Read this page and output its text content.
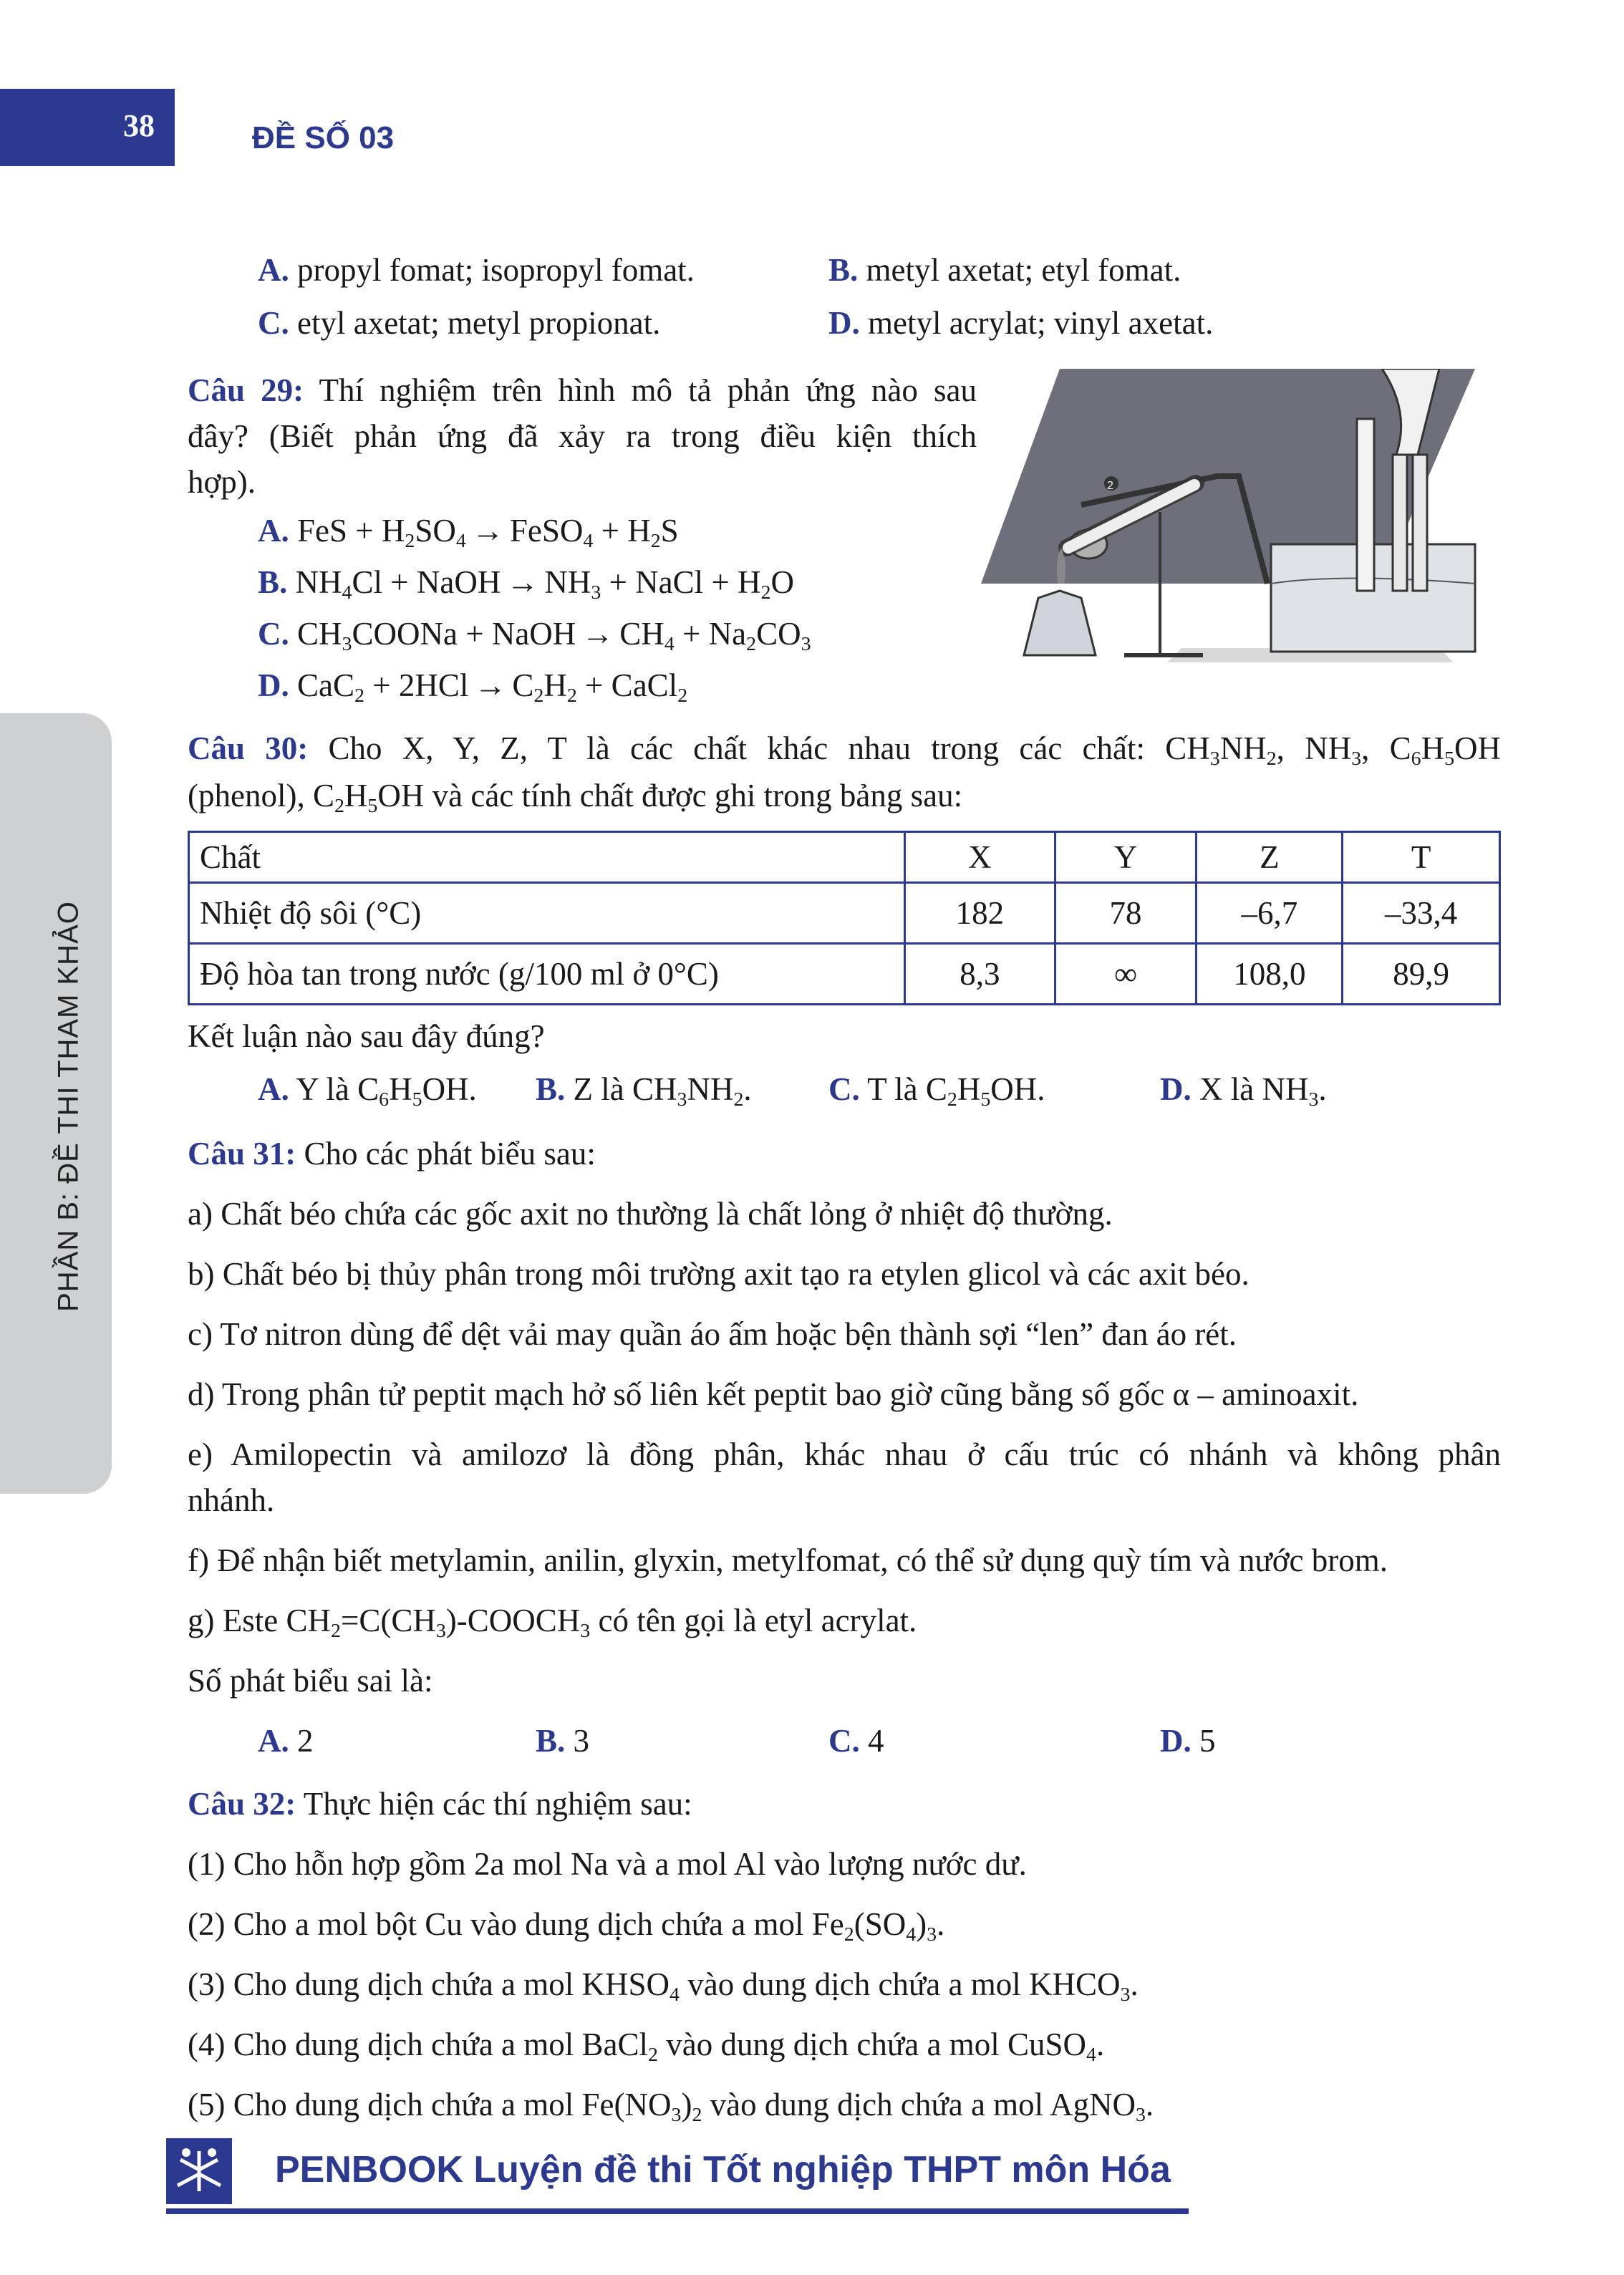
38	ĐỀ SỐ 03
PHẦN B: ĐỀ THI THAM KHẢO
A. propyl fomat; isopropyl fomat.	B. metyl axetat; etyl fomat.
C. etyl axetat; metyl propionat.	D. metyl acrylat; vinyl axetat.
Câu 29: Thí nghiệm trên hình mô tả phản ứng nào sau
đây? (Biết phản ứng đã xảy ra trong điều kiện thích
hợp).
A. FeS + $H_2SO_4$ → FeSO$_4$ + $H_2S$
B. $NH_4Cl$ + NaOH → $NH_3$ + NaCl + $H_2O$
C. $CH_3COONa$ + NaOH → $CH_4 + Na_2CO_3$
D. $CaC_2 + 2HCl \to C_2H_2$ + CaCl$_2$
2
Câu 30: Cho X, Y, Z, T là các chất khác nhau trong các chất: $CH_3NH_2$, $NH_3$, $C_6H_5OH$
(phenol), $C_2H_5OH$ và các tính chất được ghi trong bảng sau:
Chất	X	Y	Z	T
Nhiệt độ sôi (°C)	182	78	–6,7	–33,4
Độ hòa tan trong nước (g/100 ml ở 0°C)	8,3	∞	108,0	89,9
Kết luận nào sau đây đúng?
A. Y là $C_6H_5OH$. B. Z là $CH_3NH_2$. C. T là $C_2H_5OH$.	D. X là $NH_3$.
Câu 31: Cho các phát biểu sau:
a) Chất béo chứa các gốc axit no thường là chất lỏng ở nhiệt độ thường.
b) Chất béo bị thủy phân trong môi trường axit tạo ra etylen glicol và các axit béo.
c) Tơ nitron dùng để dệt vải may quần áo ấm hoặc bện thành sợi “len” đan áo rét.
d) Trong phân tử peptit mạch hở số liên kết peptit bao giờ cũng bằng số gốc α – aminoaxit.
e) Amilopectin và amilozơ là đồng phân, khác nhau ở cấu trúc có nhánh và không phân
nhánh.
f) Để nhận biết metylamin, anilin, glyxin, metylfomat, có thể sử dụng quỳ tím và nước brom.
g) Este $CH_2=C(CH_3)-COOCH_3$ có tên gọi là etyl acrylat.
Số phát biểu sai là:
A. 2	B. 3	C. 4	D. 5
Câu 32: Thực hiện các thí nghiệm sau:
(1) Cho hỗn hợp gồm 2a mol Na và a mol Al vào lượng nước dư.
(2) Cho a mol bột Cu vào dung dịch chứa a mol $Fe_2(SO_4)_3$.
(3) Cho dung dịch chứa a mol $KHSO_4$ vào dung dịch chứa a mol $KHCO_3$.
(4) Cho dung dịch chứa a mol BaCl$_2$ vào dung dịch chứa a mol CuSO$_4$.
(5) Cho dung dịch chứa a mol $Fe(NO_3)_2$ vào dung dịch chứa a mol AgNO$_3$.
PENBOOK Luyện đề thi Tốt nghiệp THPT môn Hóa
